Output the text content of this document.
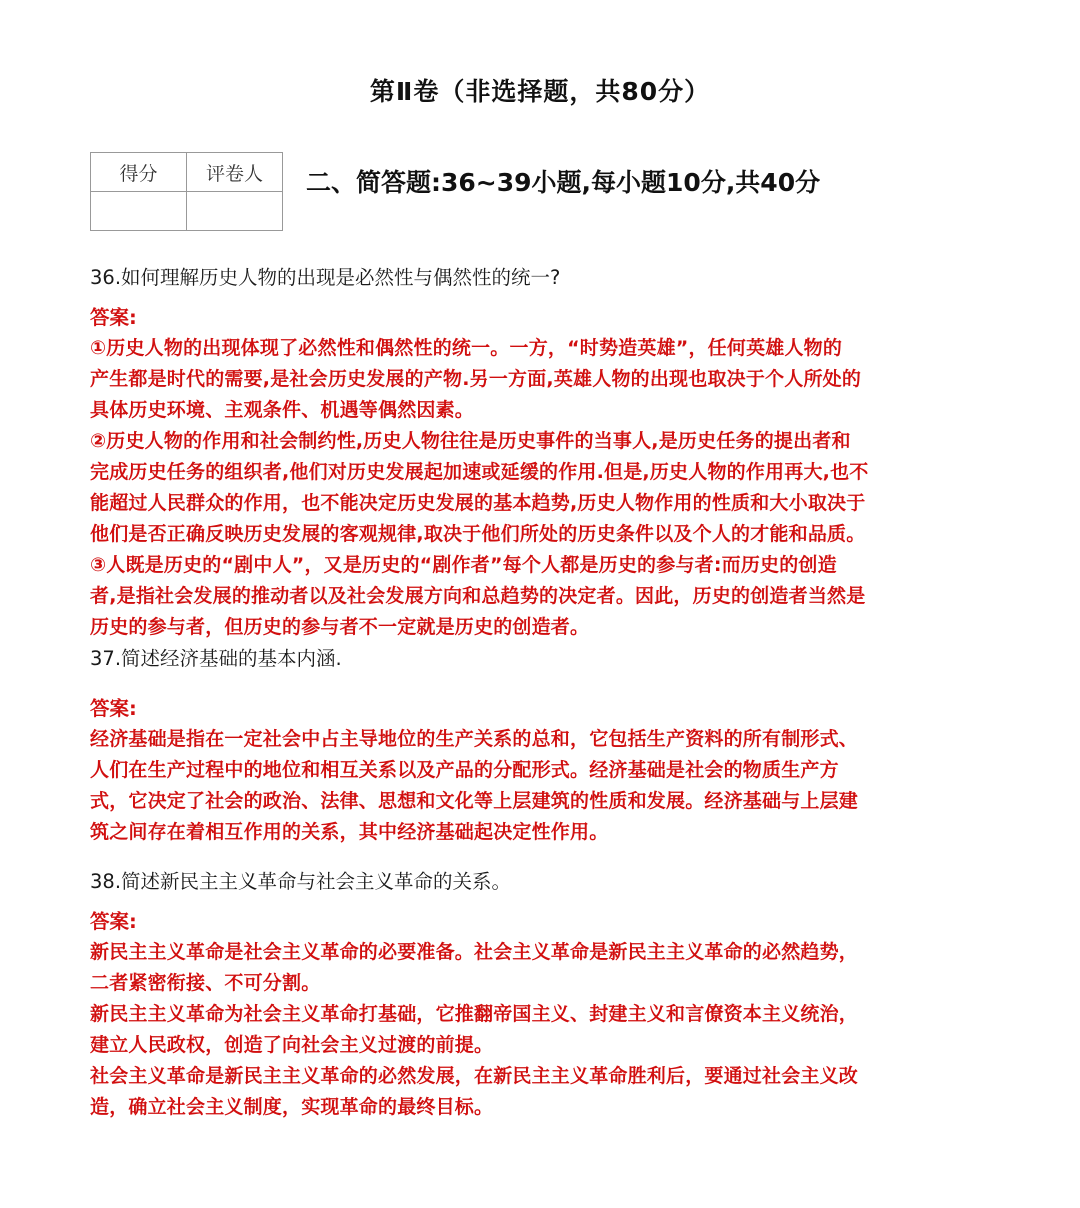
第Ⅱ卷（非选择题，共80分）
得分	评卷人
	二、简答题:36~39小题,每小题10分,共40分
36.如何理解历史人物的出现是必然性与偶然性的统一?
答案:
①历史人物的出现体现了必然性和偶然性的统一。一方，“时势造英雄”，任何英雄人物的
产生都是时代的需要,是社会历史发展的产物.另一方面,英雄人物的出现也取决于个人所处的
具体历史环境、主观条件、机遇等偶然因素。
②历史人物的作用和社会制约性,历史人物往往是历史事件的当事人,是历史任务的提出者和
完成历史任务的组织者,他们对历史发展起加速或延缓的作用.但是,历史人物的作用再大,也不
能超过人民群众的作用，也不能决定历史发展的基本趋势,历史人物作用的性质和大小取决于
他们是否正确反映历史发展的客观规律,取决于他们所处的历史条件以及个人的才能和品质。
③人既是历史的“剧中人”，又是历史的“剧作者”每个人都是历史的参与者:而历史的创造
者,是指社会发展的推动者以及社会发展方向和总趋势的决定者。因此，历史的创造者当然是
历史的参与者，但历史的参与者不一定就是历史的创造者。
37.简述经济基础的基本内涵.
答案:
经济基础是指在一定社会中占主导地位的生产关系的总和，它包括生产资料的所有制形式、
人们在生产过程中的地位和相互关系以及产品的分配形式。经济基础是社会的物质生产方
式，它决定了社会的政治、法律、思想和文化等上层建筑的性质和发展。经济基础与上层建
筑之间存在着相互作用的关系，其中经济基础起决定性作用。
38.简述新民主主义革命与社会主义革命的关系。
答案:
新民主主义革命是社会主义革命的必要准备。社会主义革命是新民主主义革命的必然趋势，
二者紧密衔接、不可分割。
新民主主义革命为社会主义革命打基础，它推翻帝国主义、封建主义和言僚资本主义统治，
建立人民政权，创造了向社会主义过渡的前提。
社会主义革命是新民主主义革命的必然发展，在新民主主义革命胜利后，要通过社会主义改
造，确立社会主义制度，实现革命的最终目标。
